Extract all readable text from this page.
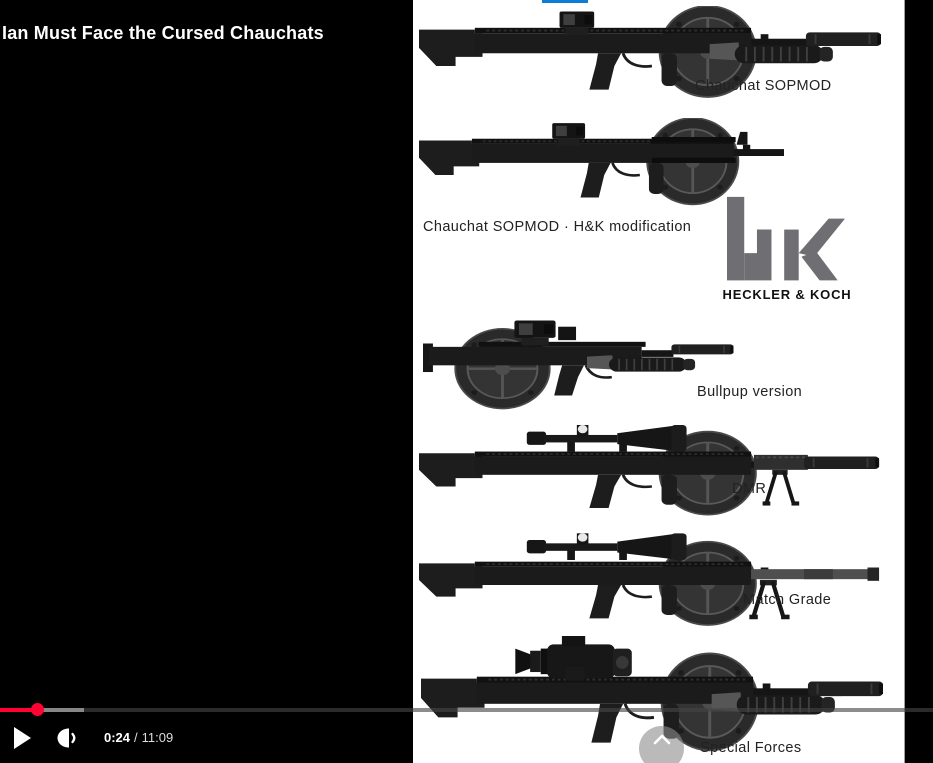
Ian Must Face the Cursed Chauchats
Chauchat SOPMOD
Chauchat SOPMOD · H&K modification
HECKLER & KOCH
Bullpup version
DMR
Match Grade
Special Forces
0:24 / 11:09
